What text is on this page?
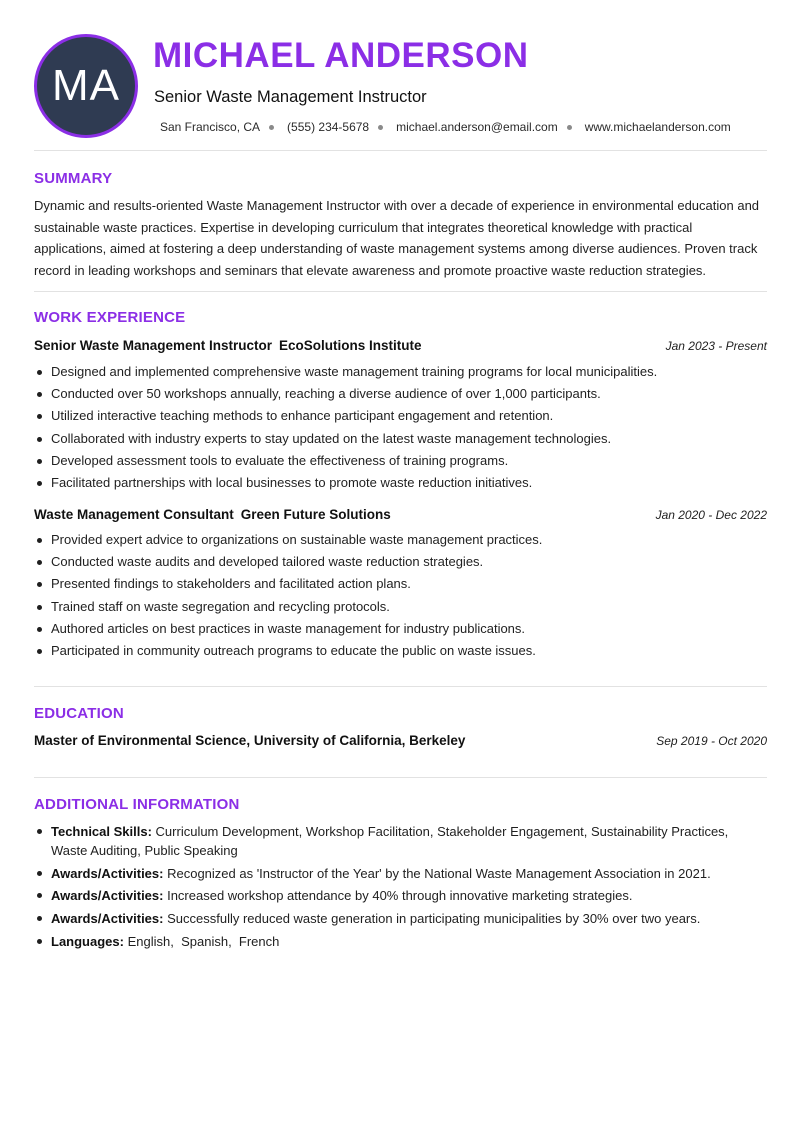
MA
MICHAEL ANDERSON
Senior Waste Management Instructor
San Francisco, CA (555) 234-5678 michael.anderson@email.com www.michaelanderson.com
SUMMARY

Dynamic and results-oriented Waste Management Instructor with over a decade of experience in environmental education and sustainable waste practices. Expertise in developing curriculum that integrates theoretical knowledge with practical applications, aimed at fostering a deep understanding of waste management systems among diverse audiences. Proven track record in leading workshops and seminars that elevate awareness and promote proactive waste reduction strategies.

WORK EXPERIENCE
Senior Waste Management Instructor EcoSolutions Institute	Jan 2023 - Present
Designed and implemented comprehensive waste management training programs for local municipalities.
Conducted over 50 workshops annually, reaching a diverse audience of over 1,000 participants.
Utilized interactive teaching methods to enhance participant engagement and retention.
Collaborated with industry experts to stay updated on the latest waste management technologies.
Developed assessment tools to evaluate the effectiveness of training programs.
Facilitated partnerships with local businesses to promote waste reduction initiatives.
Waste Management Consultant Green Future Solutions	Jan 2020 - Dec 2022
Provided expert advice to organizations on sustainable waste management practices.
Conducted waste audits and developed tailored waste reduction strategies.
Presented findings to stakeholders and facilitated action plans.
Trained staff on waste segregation and recycling protocols.
Authored articles on best practices in waste management for industry publications.
Participated in community outreach programs to educate the public on waste issues.
EDUCATION
Master of Environmental Science, University of California, Berkeley	Sep 2019 - Oct 2020
ADDITIONAL INFORMATION
Technical Skills: Curriculum Development, Workshop Facilitation, Stakeholder Engagement, Sustainability Practices, Waste Auditing, Public Speaking
Awards/Activities: Recognized as 'Instructor of the Year' by the National Waste Management Association in 2021.
Awards/Activities: Increased workshop attendance by 40% through innovative marketing strategies.
Awards/Activities: Successfully reduced waste generation in participating municipalities by 30% over two years.
Languages: English,  Spanish,  French
